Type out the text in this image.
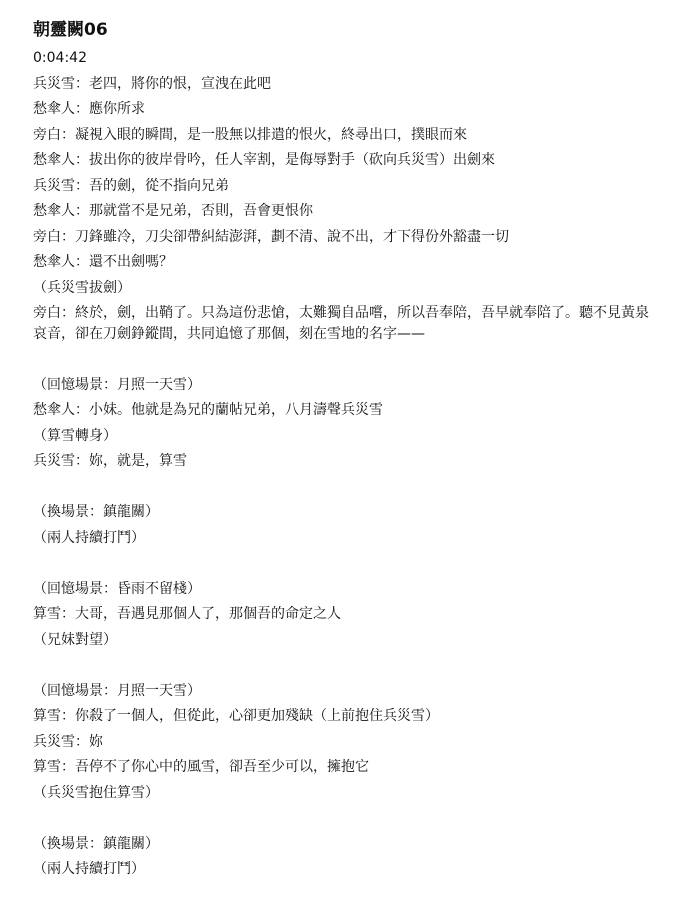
朝靈闕06
0:04:42
兵災雪：老四，將你的恨，宣洩在此吧
愁傘人：應你所求
旁白：凝視入眼的瞬間，是一股無以排遣的恨火，終尋出口，撲眼而來
愁傘人：拔出你的彼岸骨吟，任人宰割，是侮辱對手（砍向兵災雪）出劍來
兵災雪：吾的劍，從不指向兄弟
愁傘人：那就當不是兄弟，否則，吾會更恨你
旁白：刀鋒雖冷，刀尖卻帶糾結澎湃，劃不清、說不出，才下得份外豁盡一切
愁傘人：還不出劍嗎？
（兵災雪拔劍）
旁白：終於，劍，出鞘了。只為這份悲愴，太難獨自品嚐，所以吾奉陪，吾早就奉陪了。聽不見黃泉哀音，卻在刀劍錚鏦間，共同追憶了那個，刻在雪地的名字——
（回憶場景：月照一天雪）
愁傘人：小妹。他就是為兄的蘭帖兄弟，八月濤聲兵災雪
（算雪轉身）
兵災雪：妳，就是，算雪
（換場景：鎮龍關）
（兩人持續打鬥）
（回憶場景：昏雨不留棧）
算雪：大哥，吾遇見那個人了，那個吾的命定之人
（兄妹對望）
（回憶場景：月照一天雪）
算雪：你殺了一個人，但從此，心卻更加殘缺（上前抱住兵災雪）
兵災雪：妳
算雪：吾停不了你心中的風雪，卻吾至少可以，擁抱它
（兵災雪抱住算雪）
（換場景：鎮龍關）
（兩人持續打鬥）
